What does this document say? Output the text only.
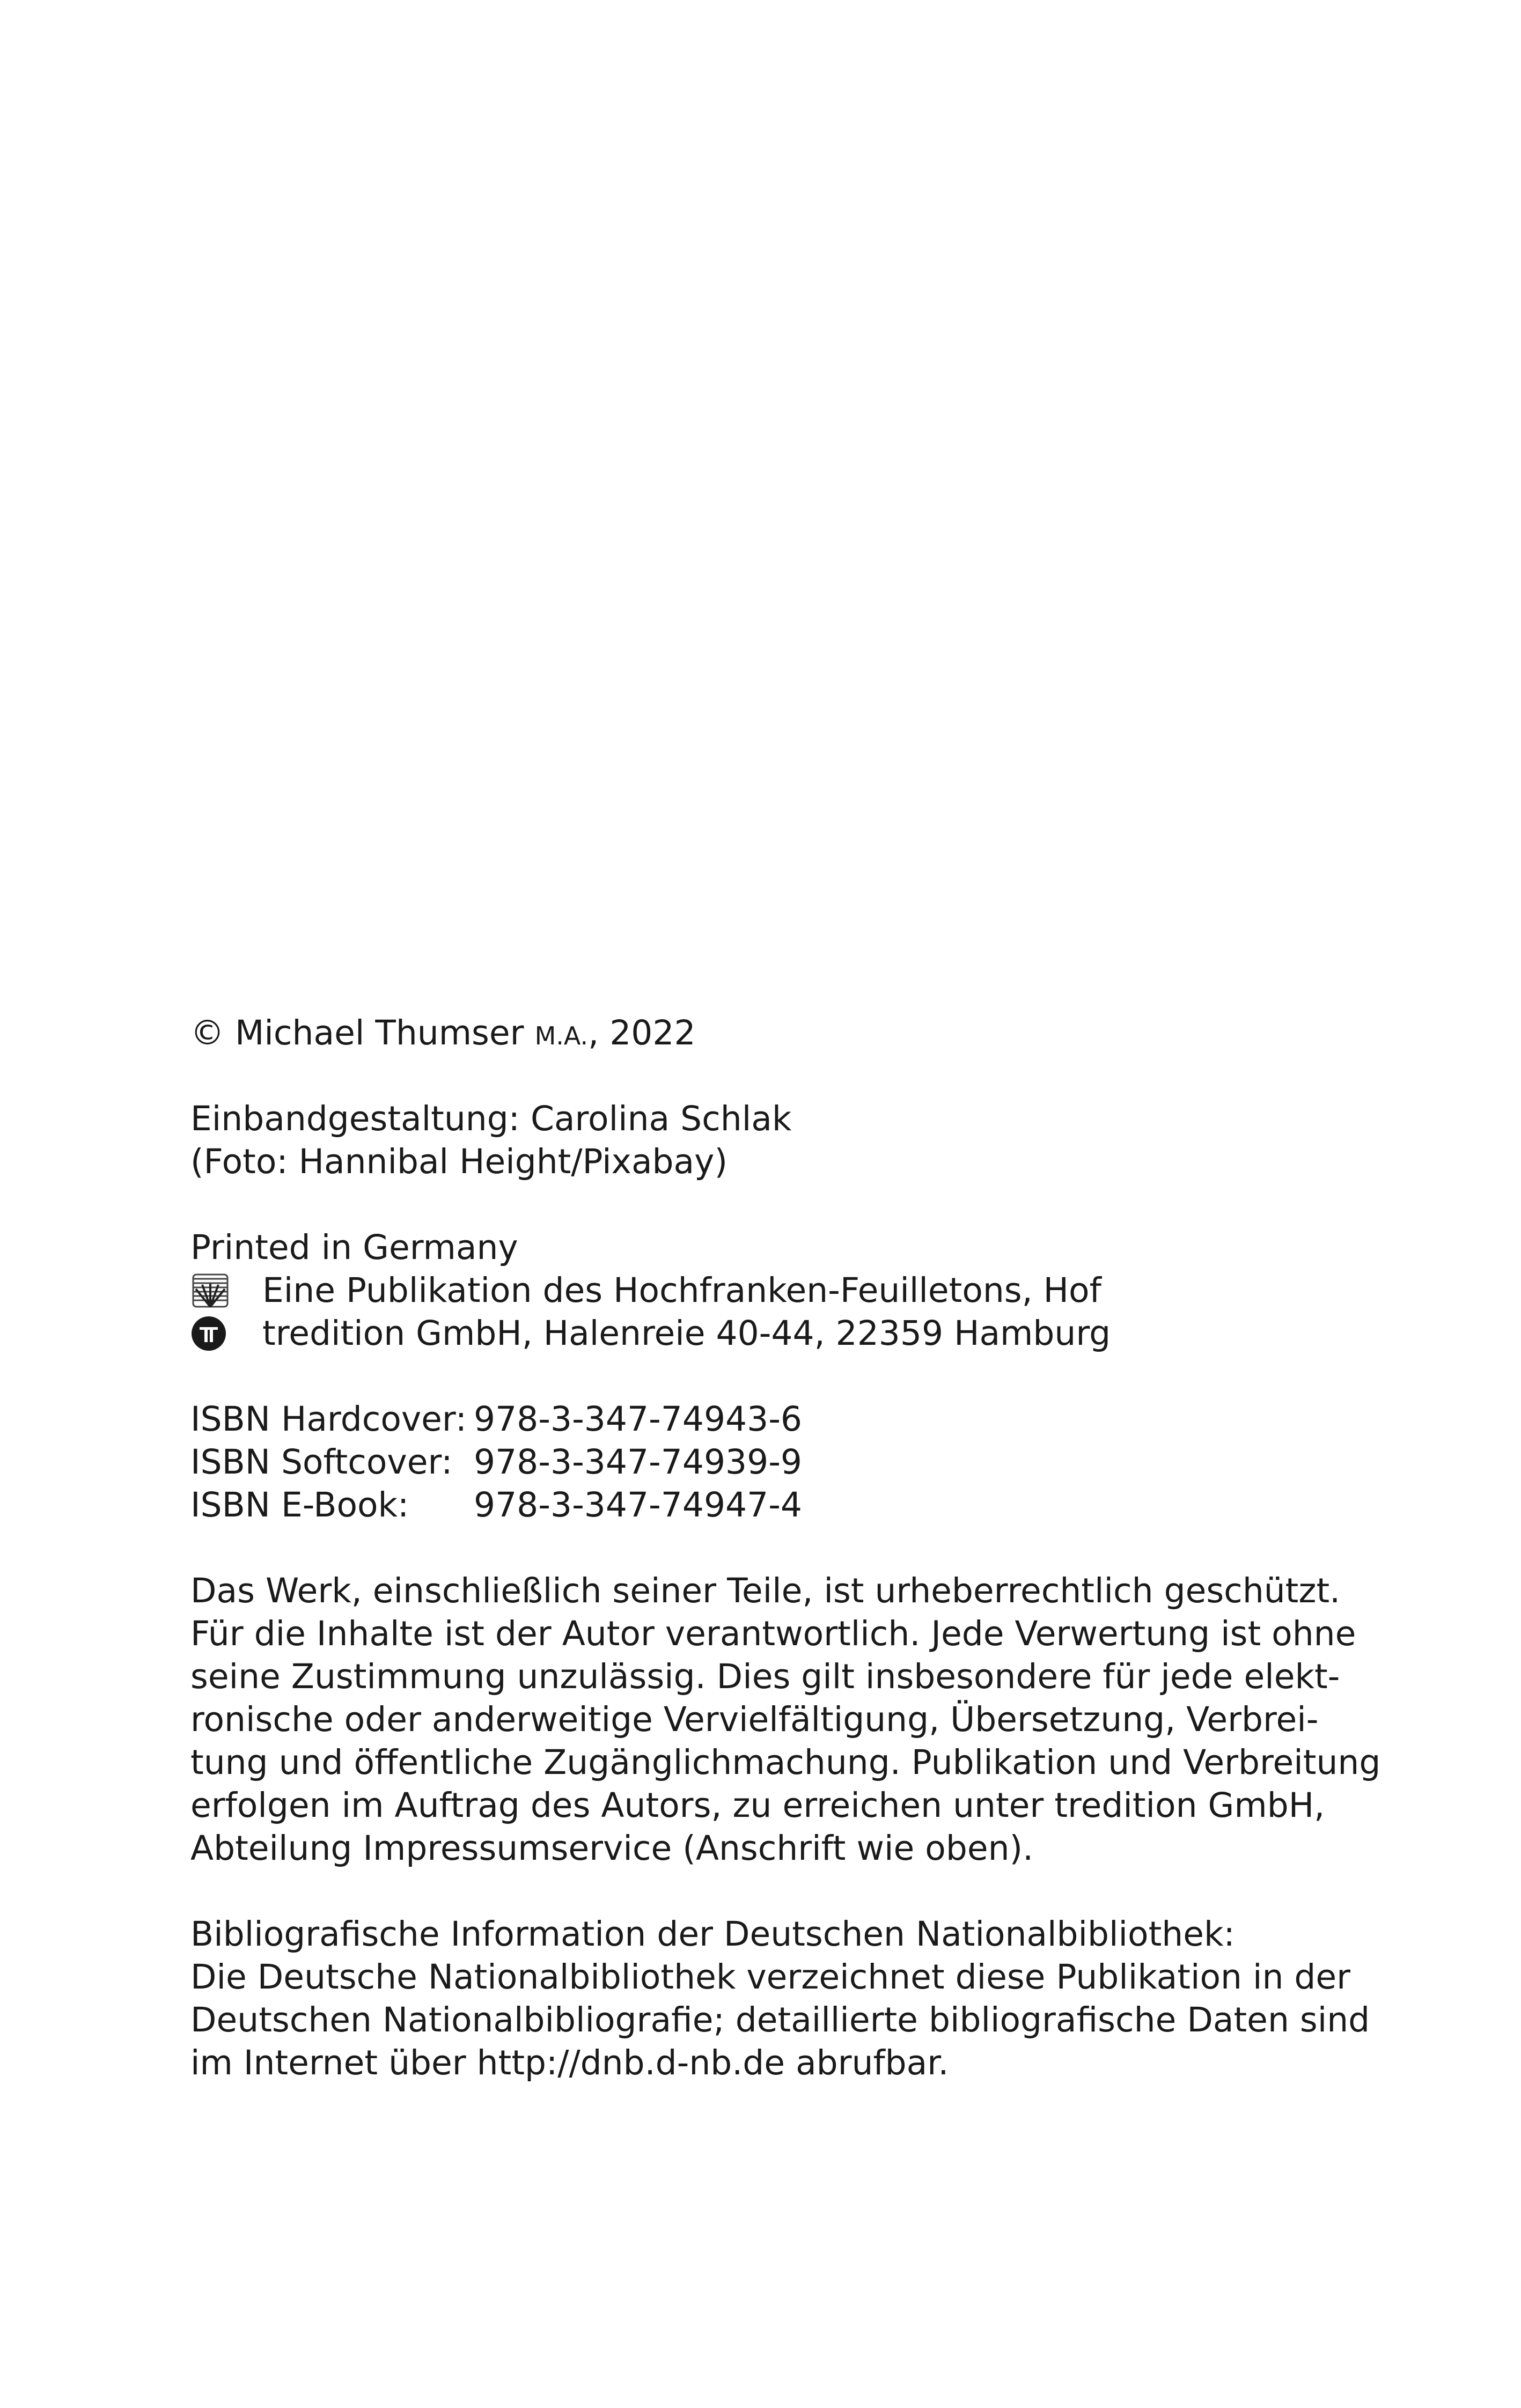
© Michael Thumser M.A., 2022
Einbandgestaltung: Carolina Schlak
(Foto: Hannibal Height/Pixabay)
Printed in Germany
Eine Publikation des Hochfranken-Feuilletons, Hof
tredition GmbH, Halenreie 40-44, 22359 Hamburg
ISBN Hardcover: 978-3-347-74943-6
ISBN Softcover: 978-3-347-74939-9
ISBN E-Book:	978-3-347-74947-4
Das Werk, einschließlich seiner Teile, ist urheberrechtlich geschützt.
Für die Inhalte ist der Autor verantwortlich. Jede Verwertung ist ohne
seine Zustimmung unzulässig. Dies gilt insbesondere für jede elekt-
ronische oder anderweitige Vervielfältigung, Übersetzung, Verbrei-
tung und öffentliche Zugänglichmachung. Publikation und Verbreitung
erfolgen im Auftrag des Autors, zu erreichen unter tredition GmbH,
Abteilung Impressumservice (Anschrift wie oben).
Bibliografische Information der Deutschen Nationalbibliothek:
Die Deutsche Nationalbibliothek verzeichnet diese Publikation in der
Deutschen Nationalbibliografie; detaillierte bibliografische Daten sind
im Internet über http://dnb.d-nb.de abrufbar.
